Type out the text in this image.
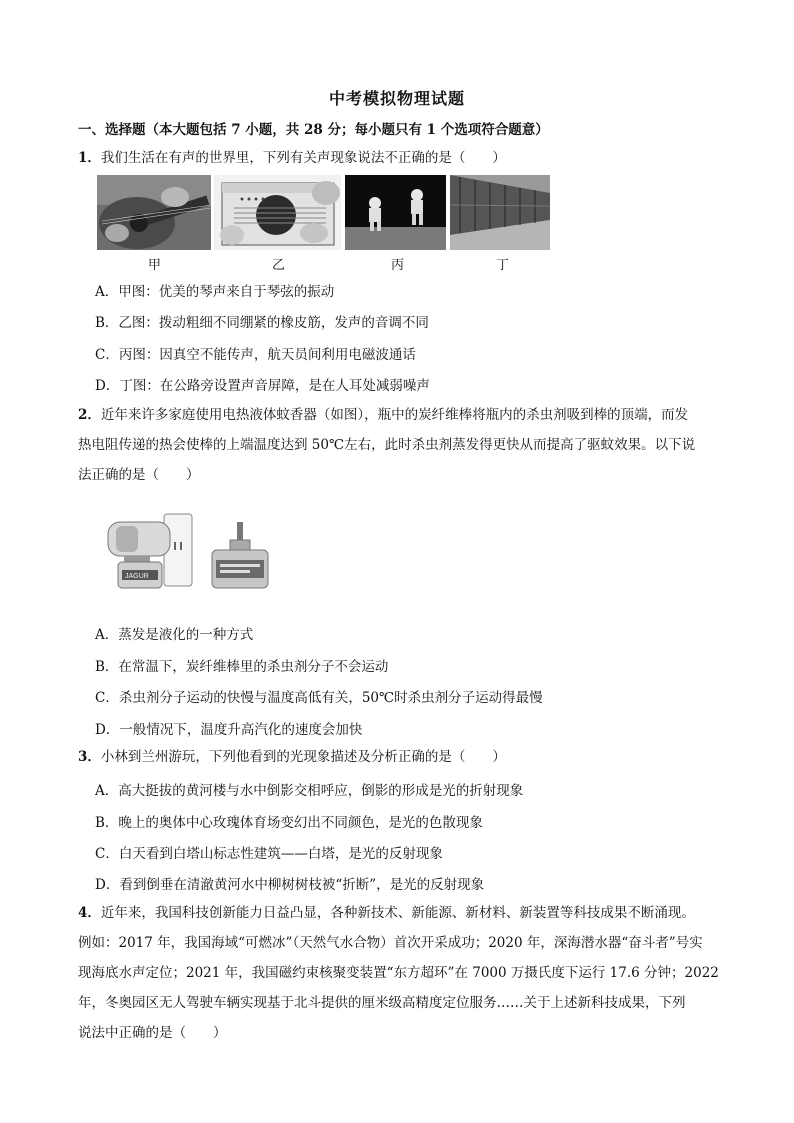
中考模拟物理试题
一、选择题（本大题包括 7 小题，共 28 分；每小题只有 1 个选项符合题意）
1．我们生活在有声的世界里，下列有关声现象说法不正确的是（　　）
甲	乙	丙	丁
A．甲图：优美的琴声来自于琴弦的振动
B．乙图：拨动粗细不同绷紧的橡皮筋，发声的音调不同
C．丙图：因真空不能传声，航天员间利用电磁波通话
D．丁图：在公路旁设置声音屏障，是在人耳处减弱噪声
2．近年来许多家庭使用电热液体蚊香器（如图），瓶中的炭纤维棒将瓶内的杀虫剂吸到棒的顶端，而发
热电阻传递的热会使棒的上端温度达到 50℃左右，此时杀虫剂蒸发得更快从而提高了驱蚊效果。以下说
法正确的是（　　）
JAGUR
A．蒸发是液化的一种方式
B．在常温下，炭纤维棒里的杀虫剂分子不会运动
C．杀虫剂分子运动的快慢与温度高低有关，50℃时杀虫剂分子运动得最慢
D．一般情况下，温度升高汽化的速度会加快
3．小林到兰州游玩，下列他看到的光现象描述及分析正确的是（　　）
A．高大挺拔的黄河楼与水中倒影交相呼应，倒影的形成是光的折射现象
B．晚上的奥体中心玫瑰体育场变幻出不同颜色，是光的色散现象
C．白天看到白塔山标志性建筑——白塔，是光的反射现象
D．看到倒垂在清澈黄河水中柳树树枝被“折断”，是光的反射现象
4．近年来，我国科技创新能力日益凸显，各种新技术、新能源、新材料、新装置等科技成果不断涌现。
例如：2017 年，我国海域“可燃冰”（天然气水合物）首次开采成功；2020 年，深海潜水器“奋斗者”号实
现海底水声定位；2021 年，我国磁约束核聚变装置“东方超环”在 7000 万摄氏度下运行 17.6 分钟；2022
年，冬奥园区无人驾驶车辆实现基于北斗提供的厘米级高精度定位服务……关于上述新科技成果，下列
说法中正确的是（　　）
